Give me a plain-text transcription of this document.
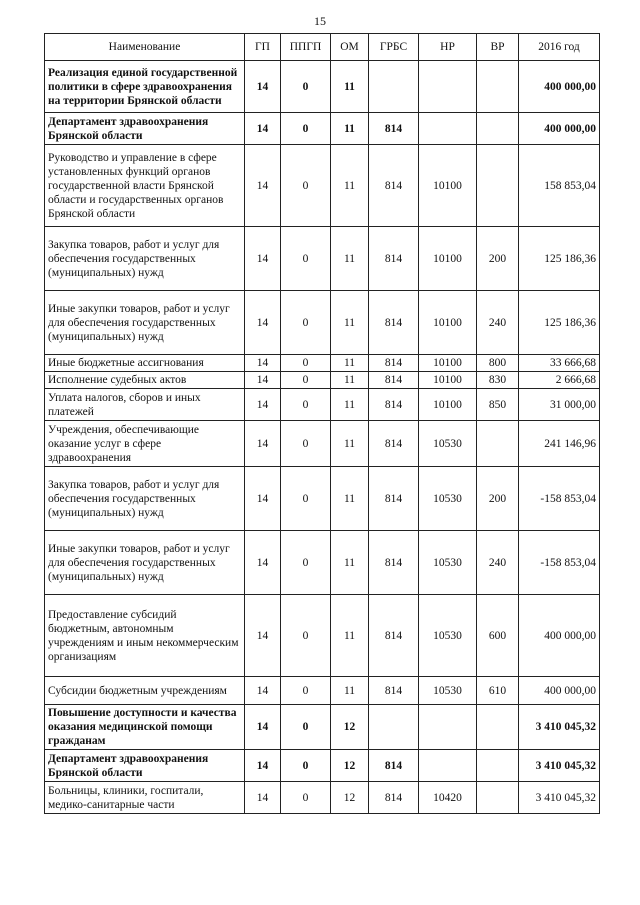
15
Наименование	ГП	ППГП	ОМ	ГРБС	НР	ВР	2016 год
Реализация единой государственной политики в сфере здравоохранения на территории Брянской области	14	0	11				400 000,00
Департамент здравоохранения Брянской области	14	0	11	814			400 000,00
Руководство и управление в сфере установленных функций органов государственной власти Брянской области и государственных органов Брянской области	14	0	11	814	10100		158 853,04
Закупка товаров, работ и услуг для обеспечения государственных (муниципальных) нужд	14	0	11	814	10100	200	125 186,36
Иные закупки товаров, работ и услуг для обеспечения государственных (муниципальных) нужд	14	0	11	814	10100	240	125 186,36
Иные бюджетные ассигнования	14	0	11	814	10100	800	33 666,68
Исполнение судебных актов	14	0	11	814	10100	830	2 666,68
Уплата налогов, сборов и иных платежей	14	0	11	814	10100	850	31 000,00
Учреждения, обеспечивающие оказание услуг в сфере здравоохранения	14	0	11	814	10530		241 146,96
Закупка товаров, работ и услуг для обеспечения государственных (муниципальных) нужд	14	0	11	814	10530	200	-158 853,04
Иные закупки товаров, работ и услуг для обеспечения государственных (муниципальных) нужд	14	0	11	814	10530	240	-158 853,04
Предоставление субсидий бюджетным, автономным учреждениям и иным некоммерческим организациям	14	0	11	814	10530	600	400 000,00
Субсидии бюджетным учреждениям	14	0	11	814	10530	610	400 000,00
Повышение доступности и качества оказания медицинской помощи гражданам	14	0	12				3 410 045,32
Департамент здравоохранения Брянской области	14	0	12	814			3 410 045,32
Больницы, клиники, госпитали, медико-санитарные части	14	0	12	814	10420		3 410 045,32
